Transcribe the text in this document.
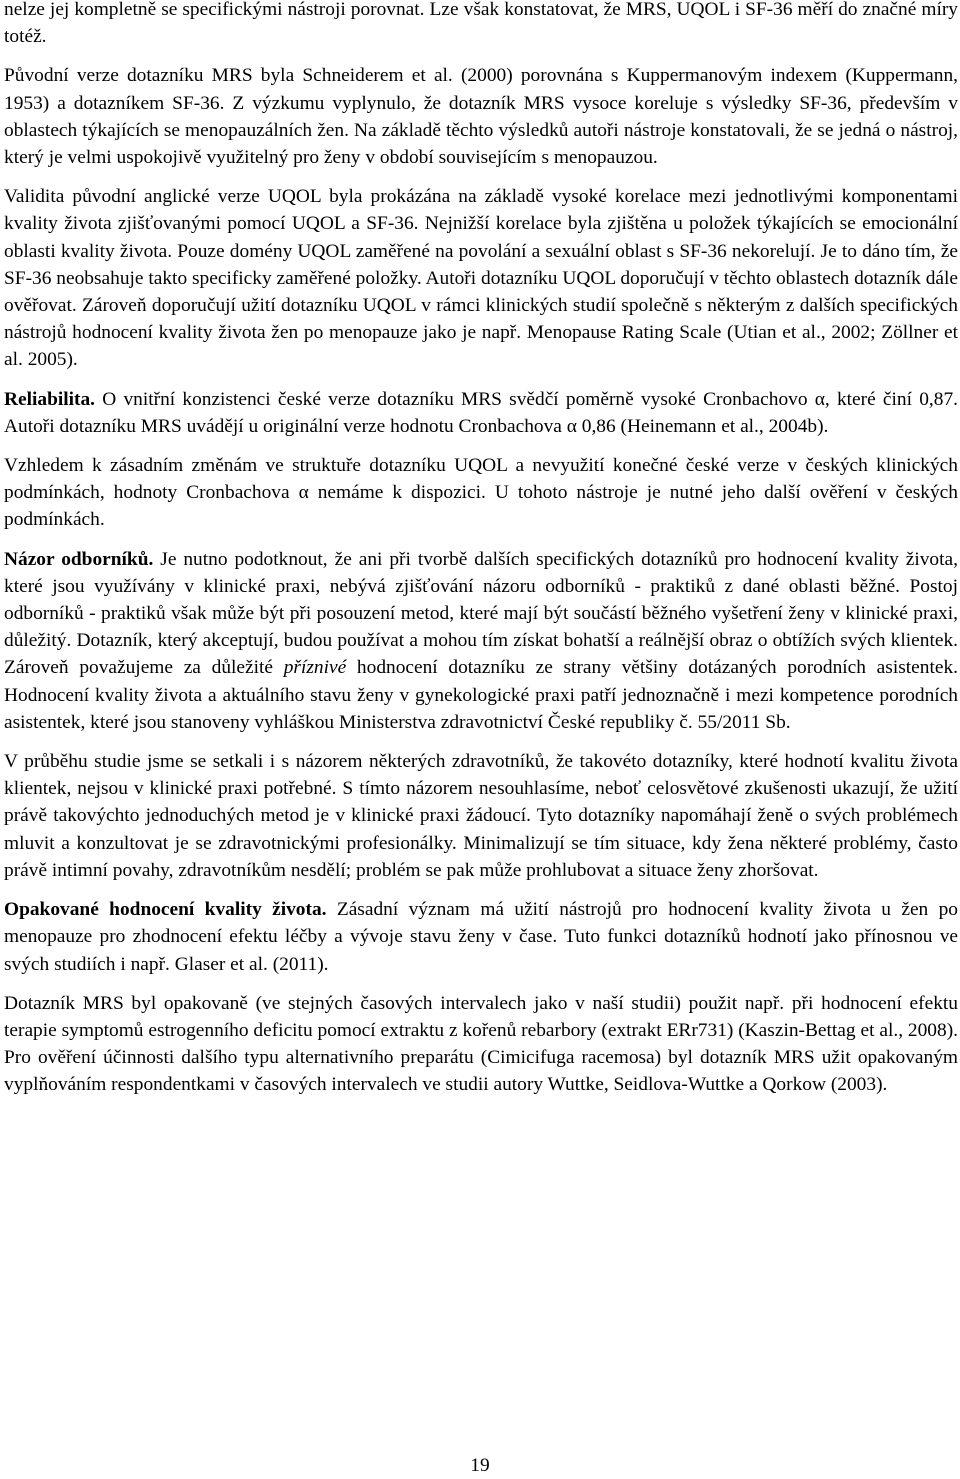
nelze jej kompletně se specifickými nástroji porovnat. Lze však konstatovat, že MRS, UQOL i SF-36 měří do značné míry totéž.

Původní verze dotazníku MRS byla Schneiderem et al. (2000) porovnána s Kuppermanovým indexem (Kuppermann, 1953) a dotazníkem SF-36. Z výzkumu vyplynulo, že dotazník MRS vysoce koreluje s výsledky SF-36, především v oblastech týkajících se menopauzálních žen. Na základě těchto výsledků autoři nástroje konstatovali, že se jedná o nástroj, který je velmi uspokojivě využitelný pro ženy v období souvisejícím s menopauzou.

Validita původní anglické verze UQOL byla prokázána na základě vysoké korelace mezi jednotlivými komponentami kvality života zjišťovanými pomocí UQOL a SF-36. Nejnižší korelace byla zjištěna u položek týkajících se emocionální oblasti kvality života. Pouze domény UQOL zaměřené na povolání a sexuální oblast s SF-36 nekorelují. Je to dáno tím, že SF-36 neobsahuje takto specificky zaměřené položky. Autoři dotazníku UQOL doporučují v těchto oblastech dotazník dále ověřovat. Zároveň doporučují užití dotazníku UQOL v rámci klinických studií společně s některým z dalších specifických nástrojů hodnocení kvality života žen po menopauze jako je např. Menopause Rating Scale (Utian et al., 2002; Zöllner et al. 2005).

Reliabilita. O vnitřní konzistenci české verze dotazníku MRS svědčí poměrně vysoké Cronbachovo α, které činí 0,87. Autoři dotazníku MRS uvádějí u originální verze hodnotu Cronbachova α 0,86 (Heinemann et al., 2004b).

Vzhledem k zásadním změnám ve struktuře dotazníku UQOL a nevyužití konečné české verze v českých klinických podmínkách, hodnoty Cronbachova α nemáme k dispozici. U tohoto nástroje je nutné jeho další ověření v českých podmínkách.

Názor odborníků. Je nutno podotknout, že ani při tvorbě dalších specifických dotazníků pro hodnocení kvality života, které jsou využívány v klinické praxi, nebývá zjišťování názoru odborníků - praktiků z dané oblasti běžné. Postoj odborníků - praktiků však může být při posouzení metod, které mají být součástí běžného vyšetření ženy v klinické praxi, důležitý. Dotazník, který akceptují, budou používat a mohou tím získat bohatší a reálnější obraz o obtížích svých klientek. Zároveň považujeme za důležité příznivé hodnocení dotazníku ze strany většiny dotázaných porodních asistentek. Hodnocení kvality života a aktuálního stavu ženy v gynekologické praxi patří jednoznačně i mezi kompetence porodních asistentek, které jsou stanoveny vyhláškou Ministerstva zdravotnictví České republiky č. 55/2011 Sb.

V průběhu studie jsme se setkali i s názorem některých zdravotníků, že takovéto dotazníky, které hodnotí kvalitu života klientek, nejsou v klinické praxi potřebné. S tímto názorem nesouhlasíme, neboť celosvětové zkušenosti ukazují, že užití právě takovýchto jednoduchých metod je v klinické praxi žádoucí. Tyto dotazníky napomáhají ženě o svých problémech mluvit a konzultovat je se zdravotnickými profesionálky. Minimalizují se tím situace, kdy žena některé problémy, často právě intimní povahy, zdravotníkům nesdělí; problém se pak může prohlubovat a situace ženy zhoršovat.

Opakované hodnocení kvality života. Zásadní význam má užití nástrojů pro hodnocení kvality života u žen po menopauze pro zhodnocení efektu léčby a vývoje stavu ženy v čase. Tuto funkci dotazníků hodnotí jako přínosnou ve svých studiích i např. Glaser et al. (2011).

Dotazník MRS byl opakovaně (ve stejných časových intervalech jako v naší studii) použit např. při hodnocení efektu terapie symptomů estrogenního deficitu pomocí extraktu z kořenů rebarbory (extrakt ERr731) (Kaszin-Bettag et al., 2008). Pro ověření účinnosti dalšího typu alternativního preparátu (Cimicifuga racemosa) byl dotazník MRS užit opakovaným vyplňováním respondentkami v časových intervalech ve studii autory Wuttke, Seidlova-Wuttke a Qorkow (2003).

19
